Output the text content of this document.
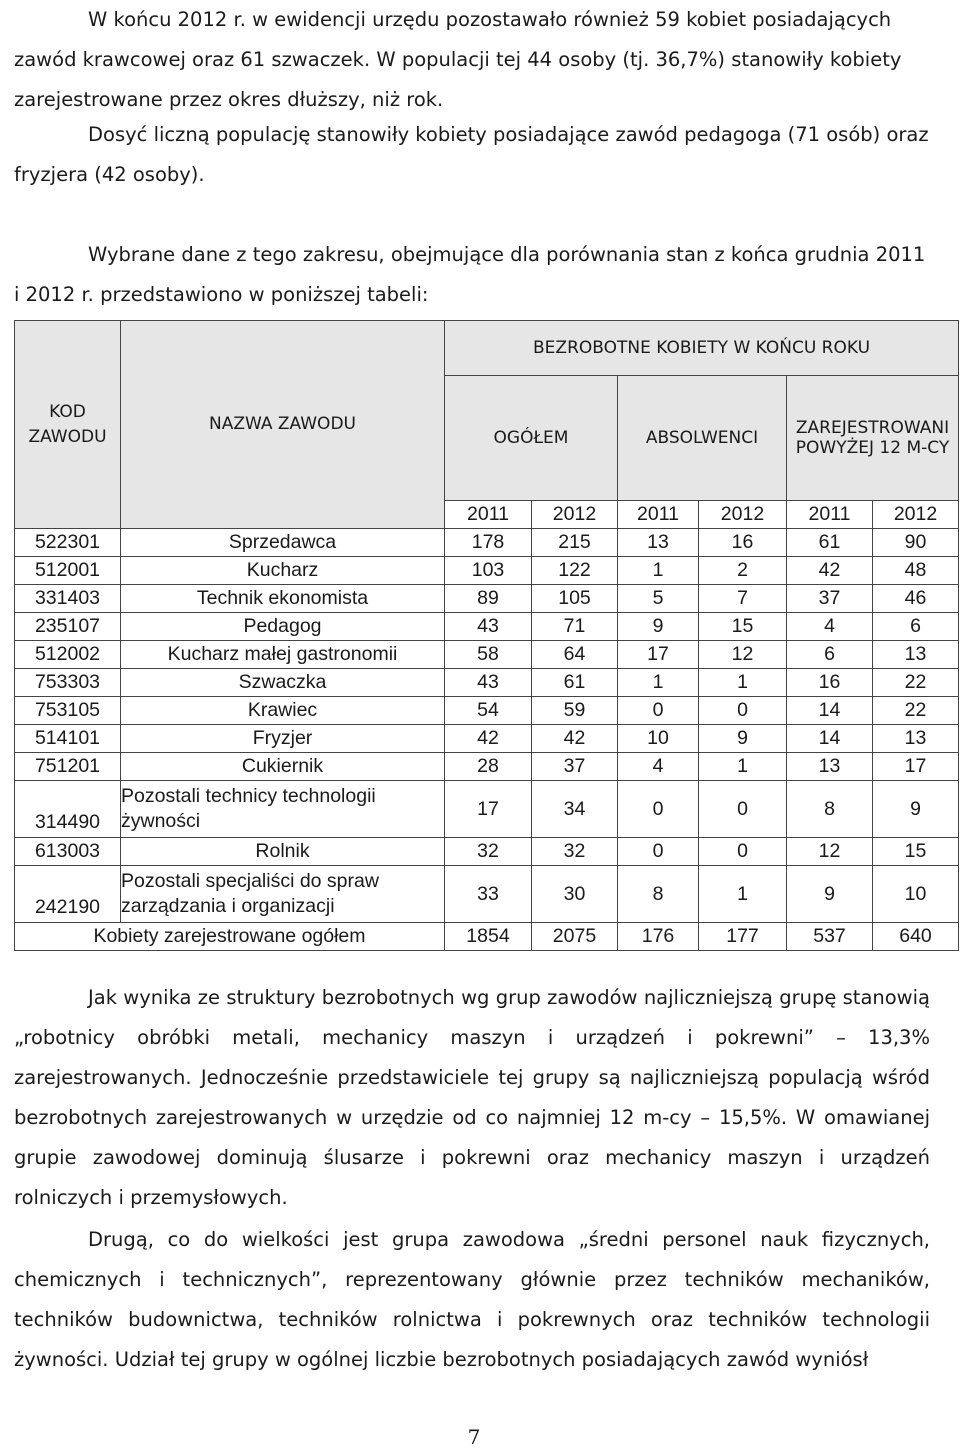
W końcu 2012 r. w ewidencji urzędu pozostawało również 59 kobiet posiadających zawód krawcowej oraz 61 szwaczek. W populacji tej 44 osoby (tj. 36,7%) stanowiły kobiety zarejestrowane przez okres dłuższy, niż rok.

Dosyć liczną populację stanowiły kobiety posiadające zawód pedagoga (71 osób) oraz fryzjera (42 osoby).

Wybrane dane z tego zakresu, obejmujące dla porównania stan z końca grudnia 2011 i 2012 r. przedstawiono w poniższej tabeli:

KOD ZAWODU	NAZWA ZAWODU	BEZROBOTNE KOBIETY W KOŃCU ROKU					
		OGÓŁEM		ABSOLWENCI		ZAREJESTROWANI POWYŻEJ 12 M-CY	
		2011	2012	2011	2012	2011	2012
522301	Sprzedawca	178	215	13	16	61	90
512001	Kucharz	103	122	1	2	42	48
331403	Technik ekonomista	89	105	5	7	37	46
235107	Pedagog	43	71	9	15	4	6
512002	Kucharz małej gastronomii	58	64	17	12	6	13
753303	Szwaczka	43	61	1	1	16	22
753105	Krawiec	54	59	0	0	14	22
514101	Fryzjer	42	42	10	9	14	13
751201	Cukiernik	28	37	4	1	13	17
314490	Pozostali technicy technologii żywności	17	34	0	0	8	9
613003	Rolnik	32	32	0	0	12	15
242190	Pozostali specjaliści do spraw zarządzania i organizacji	33	30	8	1	9	10
Kobiety zarejestrowane ogółem		1854	2075	176	177	537	640

Jak wynika ze struktury bezrobotnych wg grup zawodów najliczniejszą grupę stanowią „robotnicy obróbki metali, mechanicy maszyn i urządzeń i pokrewni” – 13,3% zarejestrowanych. Jednocześnie przedstawiciele tej grupy są najliczniejszą populacją wśród bezrobotnych zarejestrowanych w urzędzie od co najmniej 12 m-cy – 15,5%. W omawianej grupie zawodowej dominują ślusarze i pokrewni oraz mechanicy maszyn i urządzeń rolniczych i przemysłowych.

Drugą, co do wielkości jest grupa zawodowa „średni personel nauk fizycznych, chemicznych i technicznych”, reprezentowany głównie przez techników mechaników, techników budownictwa, techników rolnictwa i pokrewnych oraz techników technologii żywności. Udział tej grupy w ogólnej liczbie bezrobotnych posiadających zawód wyniósł

7
